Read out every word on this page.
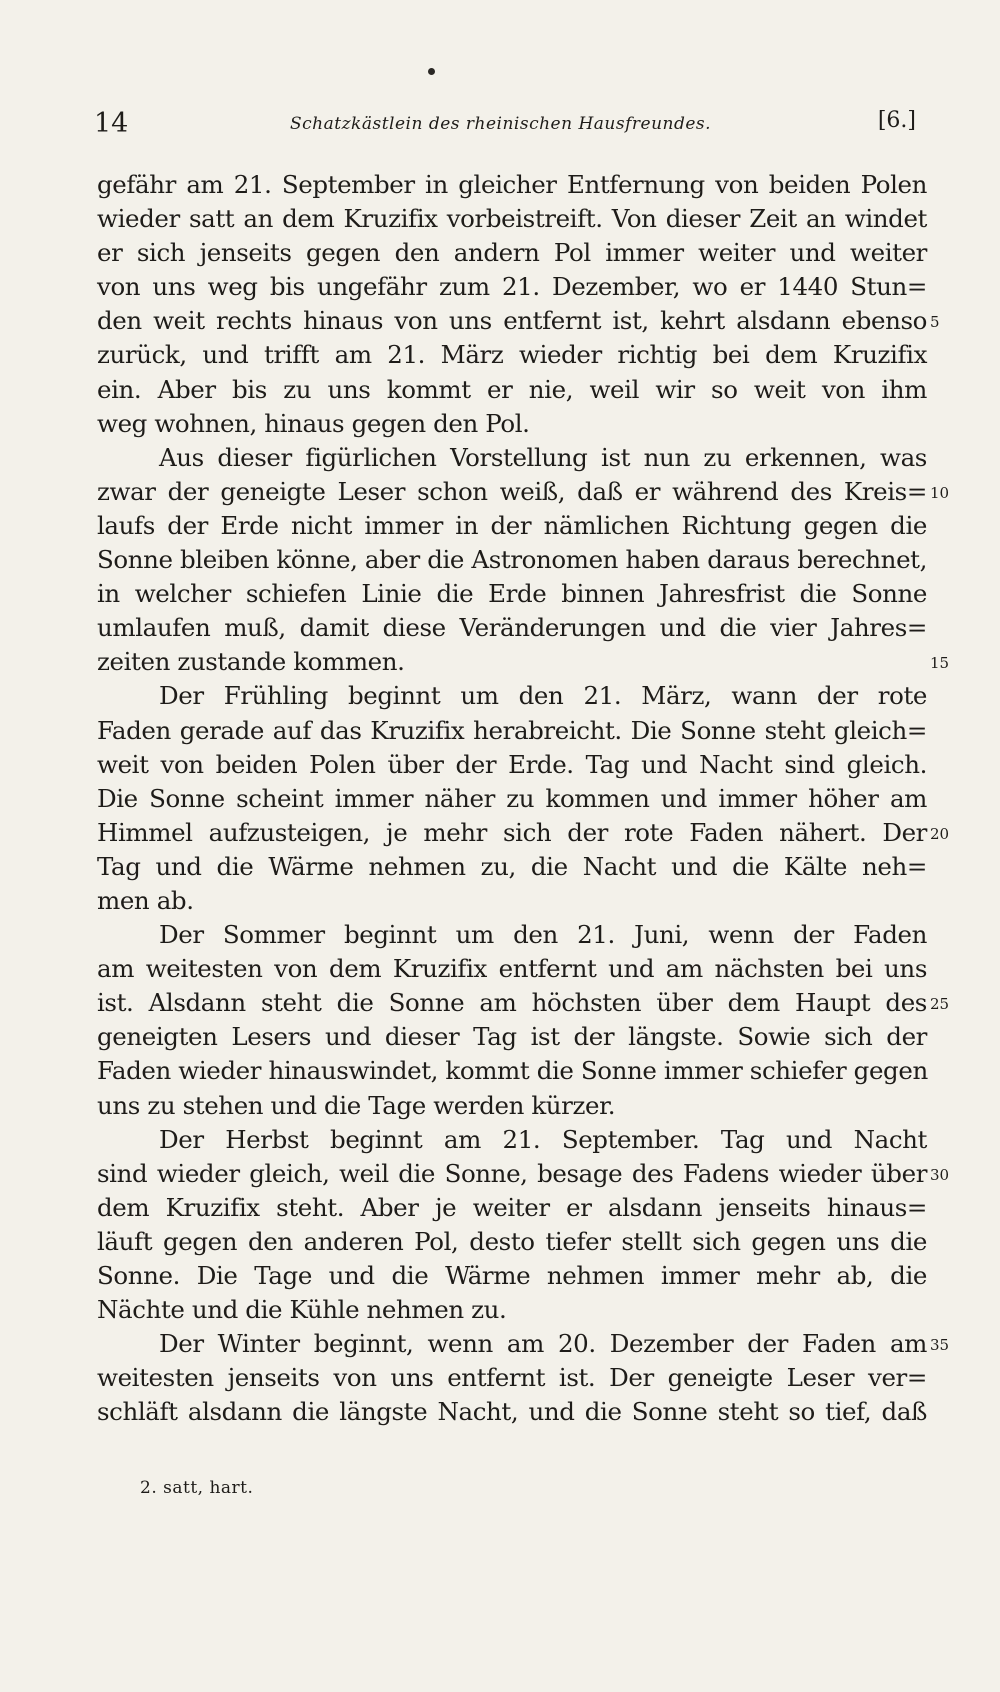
14	Schatzkästlein des rheinischen Hausfreundes.	[6.]
gefähr am 21. September in gleicher Entfernung von beiden Polen
wieder satt an dem Kruzifix vorbeistreift. Von dieser Zeit an windet
er sich jenseits gegen den andern Pol immer weiter und weiter
von uns weg bis ungefähr zum 21. Dezember, wo er 1440 Stun=
den weit rechts hinaus von uns entfernt ist, kehrt alsdann ebenso
zurück, und trifft am 21. März wieder richtig bei dem Kruzifix
ein. Aber bis zu uns kommt er nie, weil wir so weit von ihm
weg wohnen, hinaus gegen den Pol.
Aus dieser figürlichen Vorstellung ist nun zu erkennen, was
zwar der geneigte Leser schon weiß, daß er während des Kreis=
laufs der Erde nicht immer in der nämlichen Richtung gegen die
Sonne bleiben könne, aber die Astronomen haben daraus berechnet,
in welcher schiefen Linie die Erde binnen Jahresfrist die Sonne
umlaufen muß, damit diese Veränderungen und die vier Jahres=
zeiten zustande kommen.
Der Frühling beginnt um den 21. März, wann der rote
Faden gerade auf das Kruzifix herabreicht. Die Sonne steht gleich=
weit von beiden Polen über der Erde. Tag und Nacht sind gleich.
Die Sonne scheint immer näher zu kommen und immer höher am
Himmel aufzusteigen, je mehr sich der rote Faden nähert. Der
Tag und die Wärme nehmen zu, die Nacht und die Kälte neh=
men ab.
Der Sommer beginnt um den 21. Juni, wenn der Faden
am weitesten von dem Kruzifix entfernt und am nächsten bei uns
ist. Alsdann steht die Sonne am höchsten über dem Haupt des
geneigten Lesers und dieser Tag ist der längste. Sowie sich der
Faden wieder hinauswindet, kommt die Sonne immer schiefer gegen
uns zu stehen und die Tage werden kürzer.
Der Herbst beginnt am 21. September. Tag und Nacht
sind wieder gleich, weil die Sonne, besage des Fadens wieder über
dem Kruzifix steht. Aber je weiter er alsdann jenseits hinaus=
läuft gegen den anderen Pol, desto tiefer stellt sich gegen uns die
Sonne. Die Tage und die Wärme nehmen immer mehr ab, die
Nächte und die Kühle nehmen zu.
Der Winter beginnt, wenn am 20. Dezember der Faden am
weitesten jenseits von uns entfernt ist. Der geneigte Leser ver=
schläft alsdann die längste Nacht, und die Sonne steht so tief, daß
5
10
15
20
25
30
35
2. satt, hart.
